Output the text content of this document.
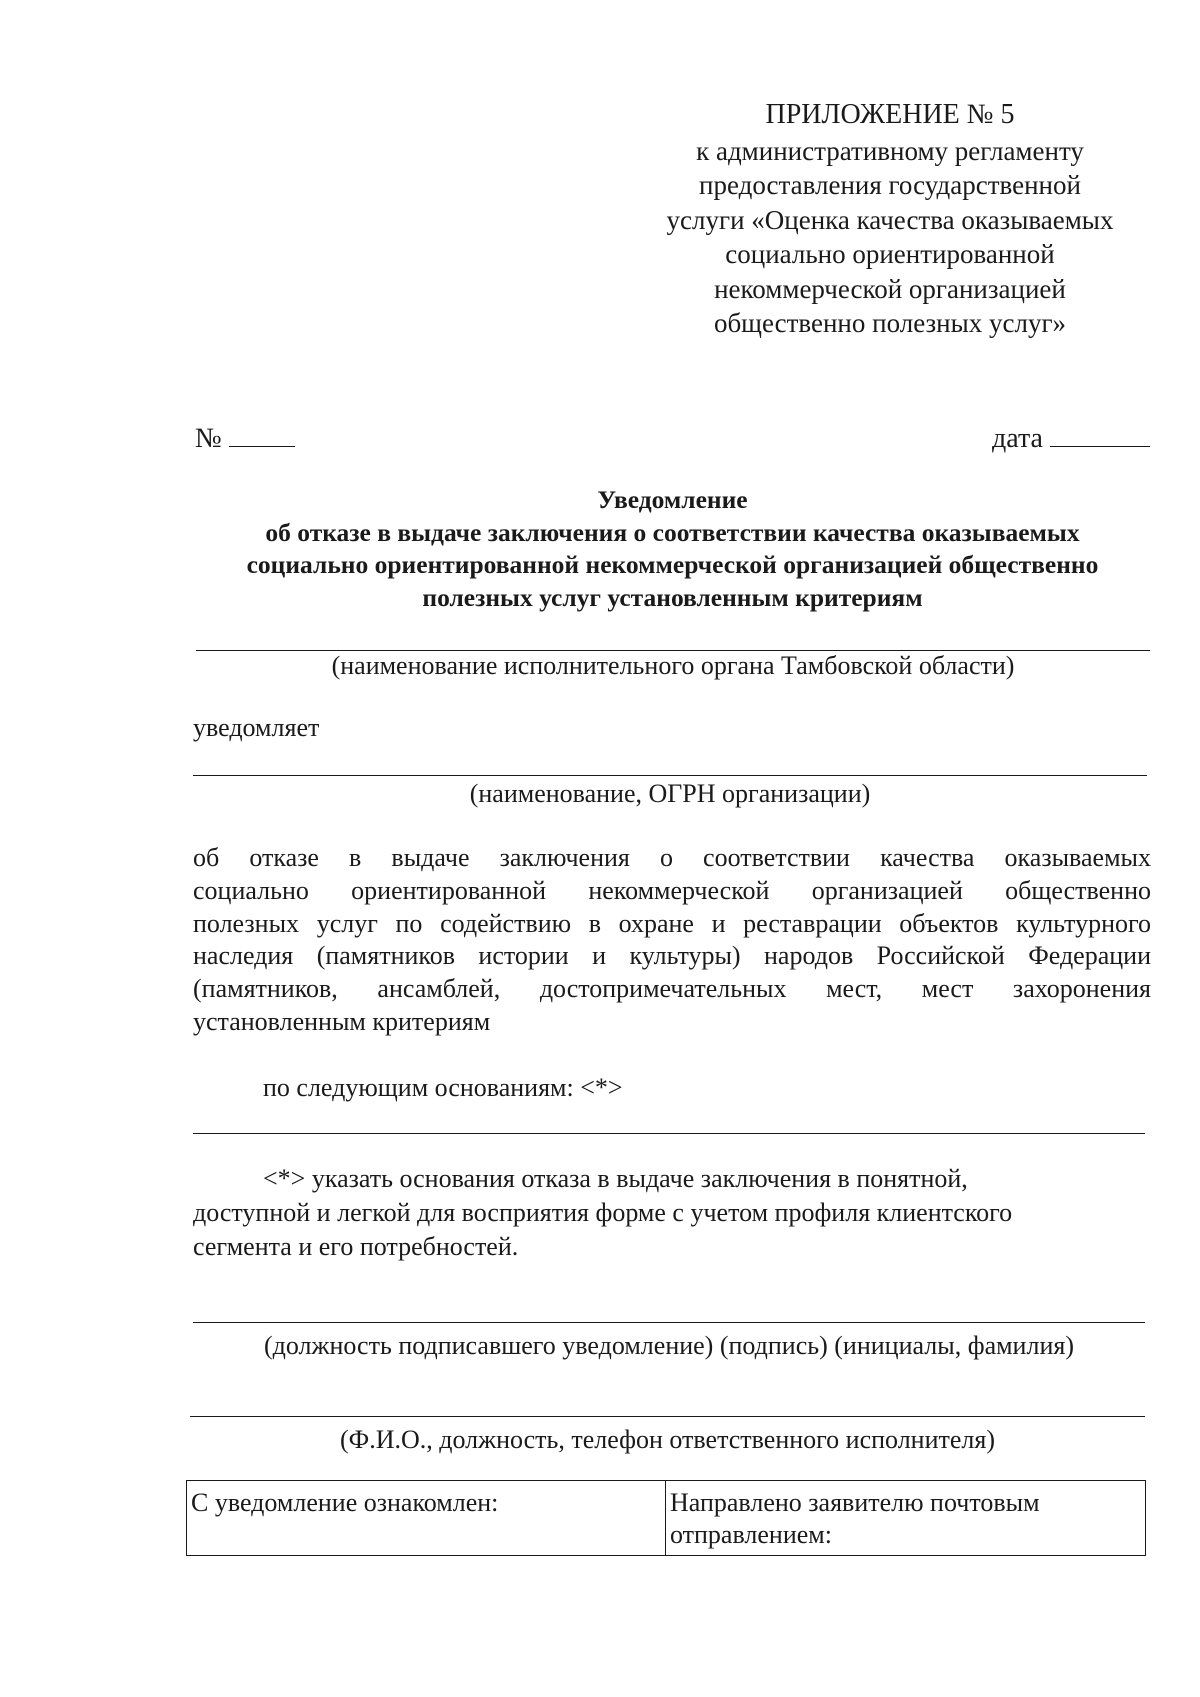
ПРИЛОЖЕНИЕ № 5
к административному регламенту
предоставления государственной
услуги «Оценка качества оказываемых
социально ориентированной
некоммерческой организацией
общественно полезных услуг»
№	дата
Уведомление
об отказе в выдаче заключения о соответствии качества оказываемых
социально ориентированной некоммерческой организацией общественно
полезных услуг установленным критериям
(наименование исполнительного органа Тамбовской области)
уведомляет
(наименование, ОГРН организации)
об отказе в выдаче заключения о соответствии качества оказываемых
социально ориентированной некоммерческой организацией общественно
полезных услуг по содействию в охране и реставрации объектов культурного
наследия (памятников истории и культуры) народов Российской Федерации
(памятников, ансамблей, достопримечательных мест, мест захоронения
установленным критериям
по следующим основаниям: <*>
<*> указать основания отказа в выдаче заключения в понятной,
доступной и легкой для восприятия форме с учетом профиля клиентского
сегмента и его потребностей.
(должность подписавшего уведомление) (подпись) (инициалы, фамилия)
(Ф.И.О., должность, телефон ответственного исполнителя)
С уведомление ознакомлен:	Направлено заявителю почтовым отправлением:
